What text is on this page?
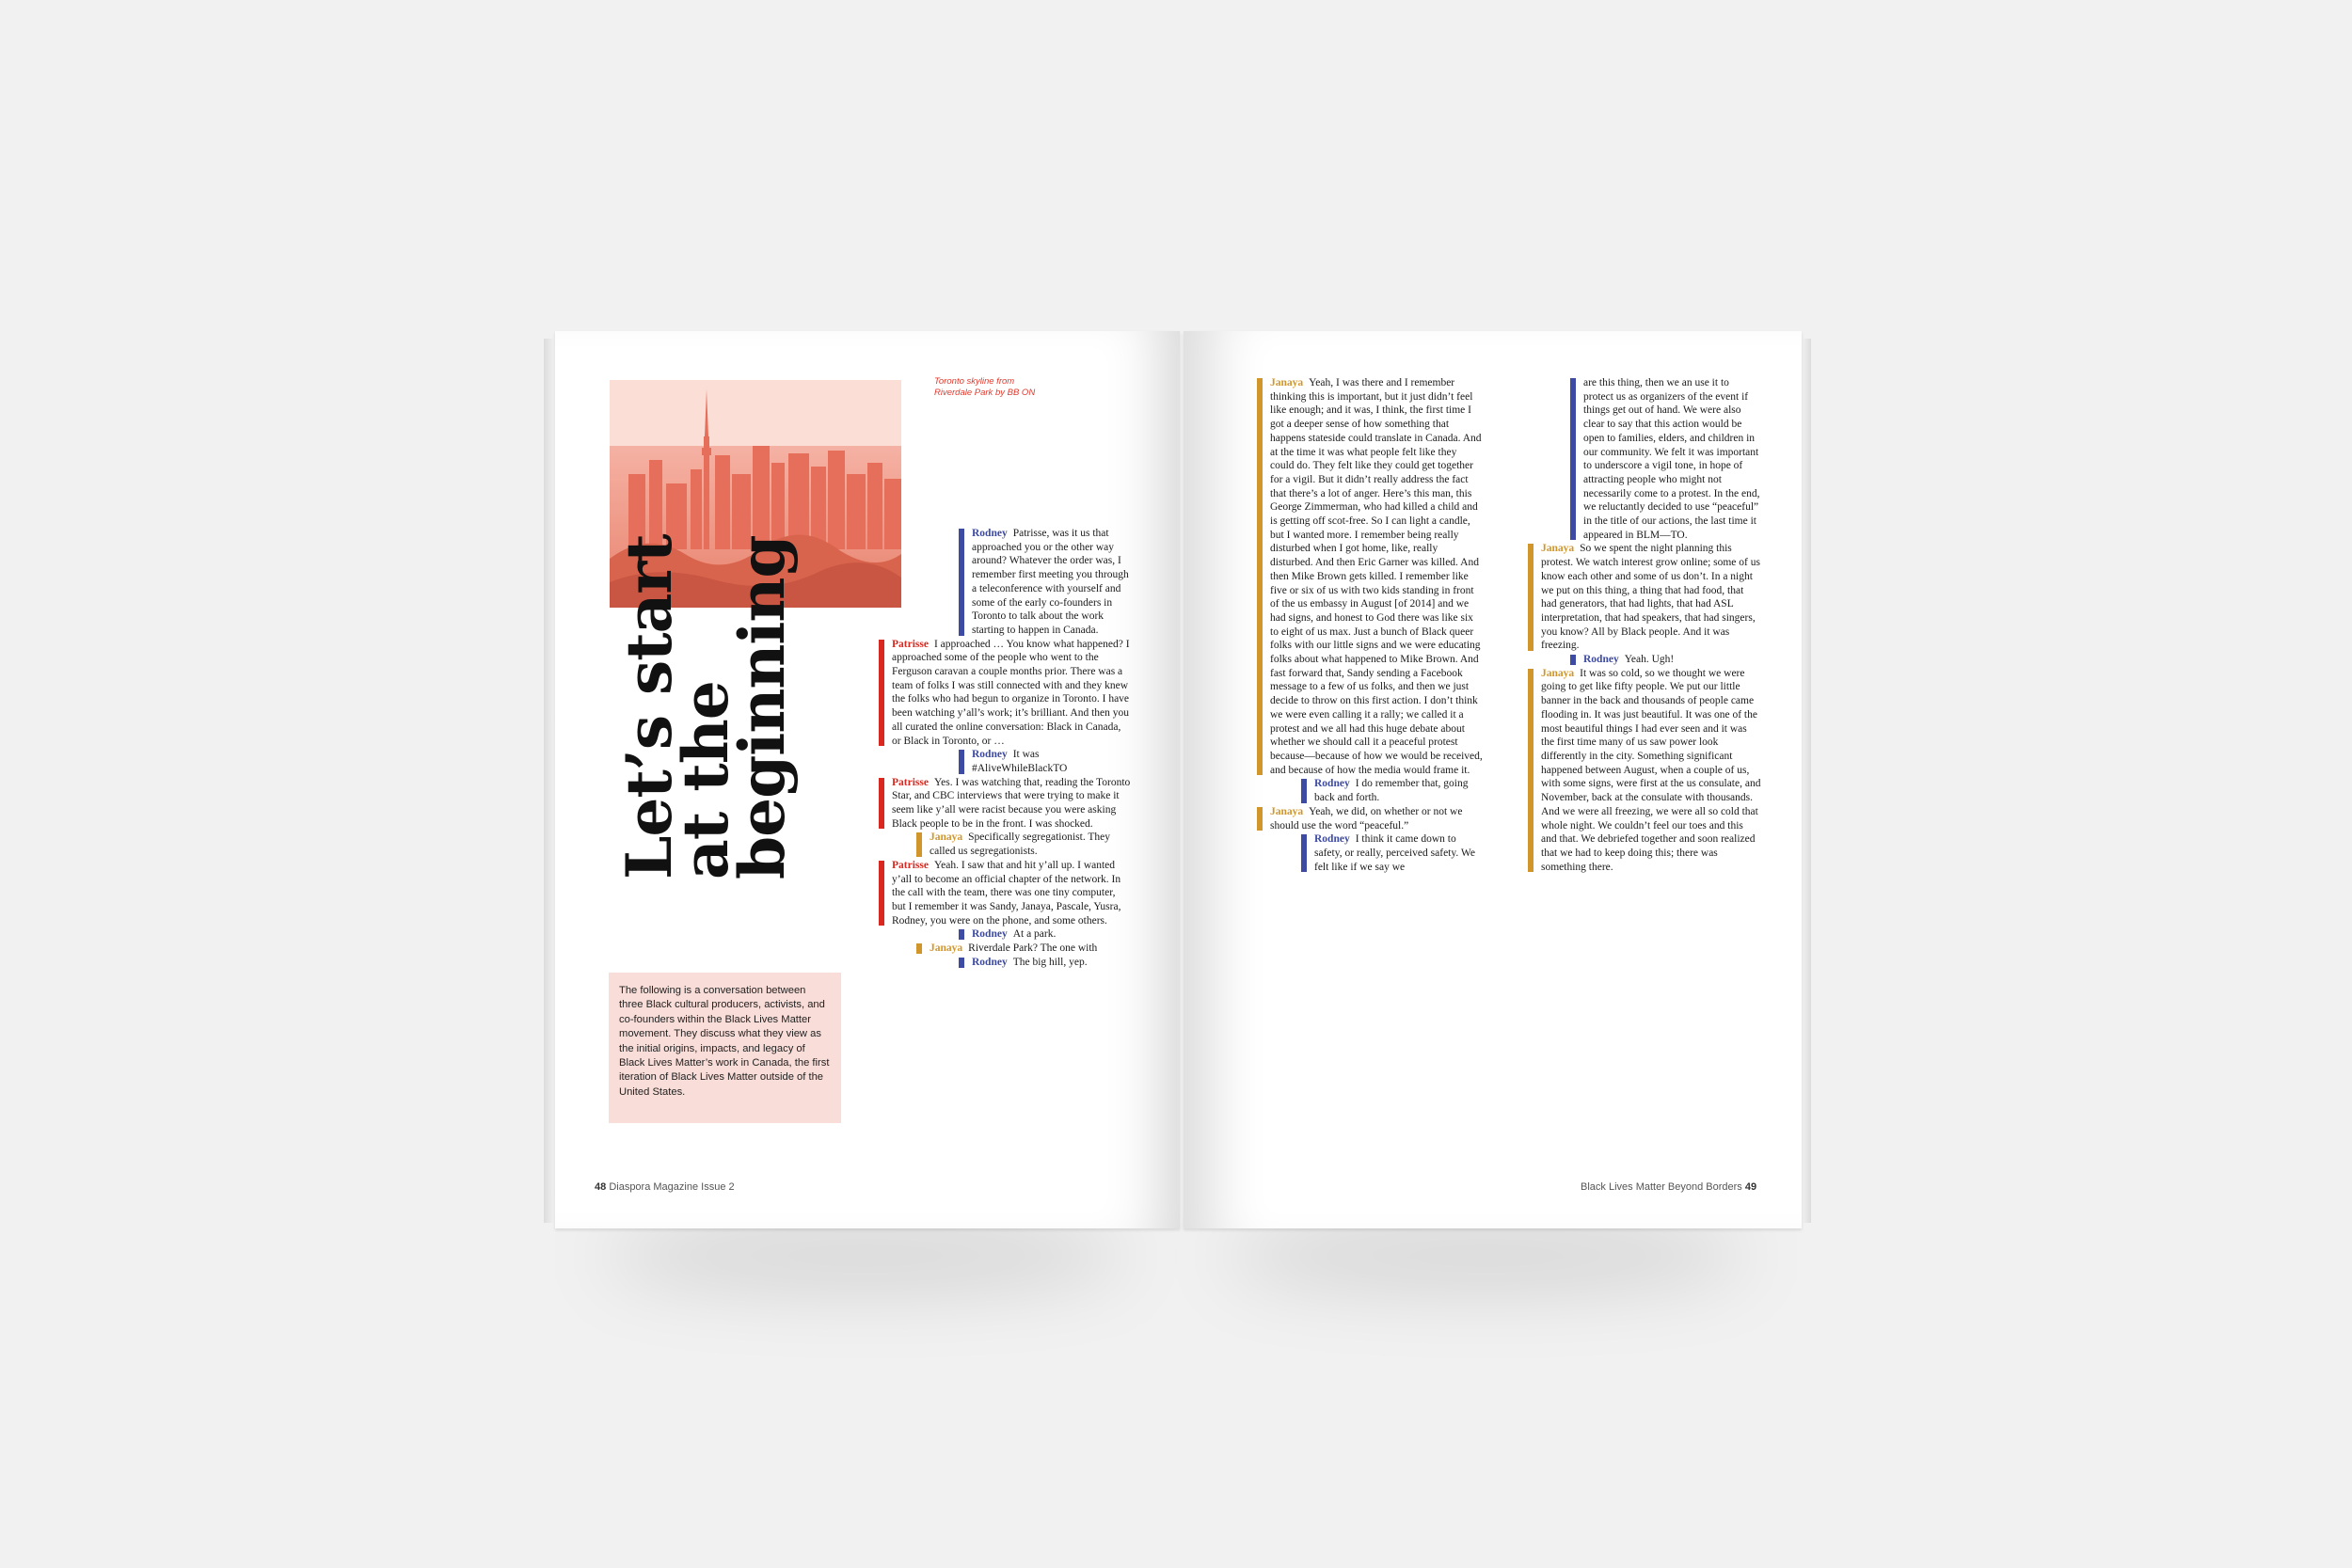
Toronto skyline from Riverdale Park by BB ON
Let’s start
at the
beginning
The following is a conversation between three Black cultural producers, activists, and co-founders within the Black Lives Matter movement. They discuss what they view as the initial origins, impacts, and legacy of Black Lives Matter’s work in Canada, the first iteration of Black Lives Matter outside of the United States.

Rodney Patrisse, was it us that approached you or the other way around? Whatever the order was, I remember first meeting you through a teleconference with yourself and some of the early co-founders in Toronto to talk about the work starting to happen in Canada.

Patrisse I approached … You know what happened? I approached some of the people who went to the Ferguson caravan a couple months prior. There was a team of folks I was still connected with and they knew the folks who had begun to organize in Toronto. I have been watching y’all’s work; it’s brilliant. And then you all curated the online conversation: Black in Canada, or Black in Toronto, or …

Rodney It was #AliveWhileBlackTO

Patrisse Yes. I was watching that, reading the Toronto Star, and CBC interviews that were trying to make it seem like y’all were racist because you were asking Black people to be in the front. I was shocked.

Janaya Specifically segregationist. They called us segregationists.

Patrisse Yeah. I saw that and hit y’all up. I wanted y’all to become an official chapter of the network. In the call with the team, there was one tiny computer, but I remember it was Sandy, Janaya, Pascale, Yusra, Rodney, you were on the phone, and some others.

Rodney At a park.

Janaya Riverdale Park? The one with

Rodney The big hill, yep.

48 Diaspora Magazine Issue 2

Janaya Yeah, I was there and I remember thinking this is important, but it just didn’t feel like enough; and it was, I think, the first time I got a deeper sense of how something that happens stateside could translate in Canada. And at the time it was what people felt like they could do. They felt like they could get together for a vigil. But it didn’t really address the fact that there’s a lot of anger. Here’s this man, this George Zimmerman, who had killed a child and is getting off scot-free. So I can light a candle, but I wanted more. I remember being really disturbed when I got home, like, really disturbed. And then Eric Garner was killed. And then Mike Brown gets killed. I remember like five or six of us with two kids standing in front of the us embassy in August [of 2014] and we had signs, and honest to God there was like six to eight of us max. Just a bunch of Black queer folks with our little signs and we were educating folks about what happened to Mike Brown. And fast forward that, Sandy sending a Facebook message to a few of us folks, and then we just decide to throw on this first action. I don’t think we were even calling it a rally; we called it a protest and we all had this huge debate about whether we should call it a peaceful protest because—because of how we would be received, and because of how the media would frame it.

Rodney I do remember that, going back and forth.

Janaya Yeah, we did, on whether or not we should use the word “peaceful.”

Rodney I think it came down to safety, or really, perceived safety. We felt like if we say we

are this thing, then we an use it to protect us as organizers of the event if things get out of hand. We were also clear to say that this action would be open to families, elders, and children in our community. We felt it was important to underscore a vigil tone, in hope of attracting people who might not necessarily come to a protest. In the end, we reluctantly decided to use “peaceful” in the title of our actions, the last time it appeared in BLM—TO.

Janaya So we spent the night planning this protest. We watch interest grow online; some of us know each other and some of us don’t. In a night we put on this thing, a thing that had food, that had generators, that had lights, that had ASL interpretation, that had speakers, that had singers, you know? All by Black people. And it was freezing.

Rodney Yeah. Ugh!

Janaya It was so cold, so we thought we were going to get like fifty people. We put our little banner in the back and thousands of people came flooding in. It was just beautiful. It was one of the most beautiful things I had ever seen and it was the first time many of us saw power look differently in the city. Something significant happened between August, when a couple of us, with some signs, were first at the us consulate, and November, back at the consulate with thousands. And we were all freezing, we were all so cold that whole night. We couldn’t feel our toes and this and that. We debriefed together and soon realized that we had to keep doing this; there was something there.

Black Lives Matter Beyond Borders 49
